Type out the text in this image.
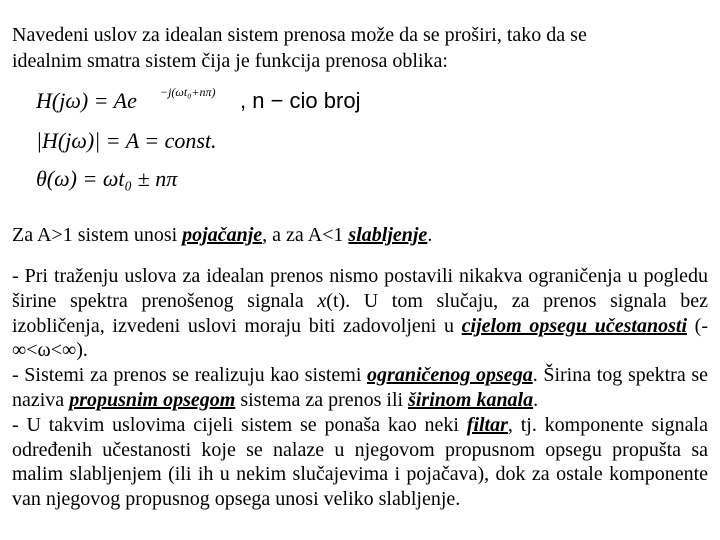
Navedeni uslov za idealan sistem prenosa može da se proširi, tako da se
idealnim smatra sistem čija je funkcija prenosa oblika:
H(jω) = Ae −j(ωt₀+nπ) , n − cio broj
|H(jω)| = A = const.
θ(ω) = ωt₀ ± nπ
Za A>1 sistem unosi pojačanje, a za A<1 slabljenje.

- Pri traženju uslova za idealan prenos nismo postavili nikakva ograničenja u pogledu širine spektra prenošenog signala x(t). U tom slučaju, za prenos signala bez izobličenja, izvedeni uslovi moraju biti zadovoljeni u cijelom opsegu učestanosti (-∞<ω<∞).

- Sistemi za prenos se realizuju kao sistemi ograničenog opsega. Širina tog spektra se naziva propusnim opsegom sistema za prenos ili širinom kanala.

- U takvim uslovima cijeli sistem se ponaša kao neki filtar, tj. komponente signala određenih učestanosti koje se nalaze u njegovom propusnom opsegu propušta sa malim slabljenjem (ili ih u nekim slučajevima i pojačava), dok za ostale komponente van njegovog propusnog opsega unosi veliko slabljenje.
